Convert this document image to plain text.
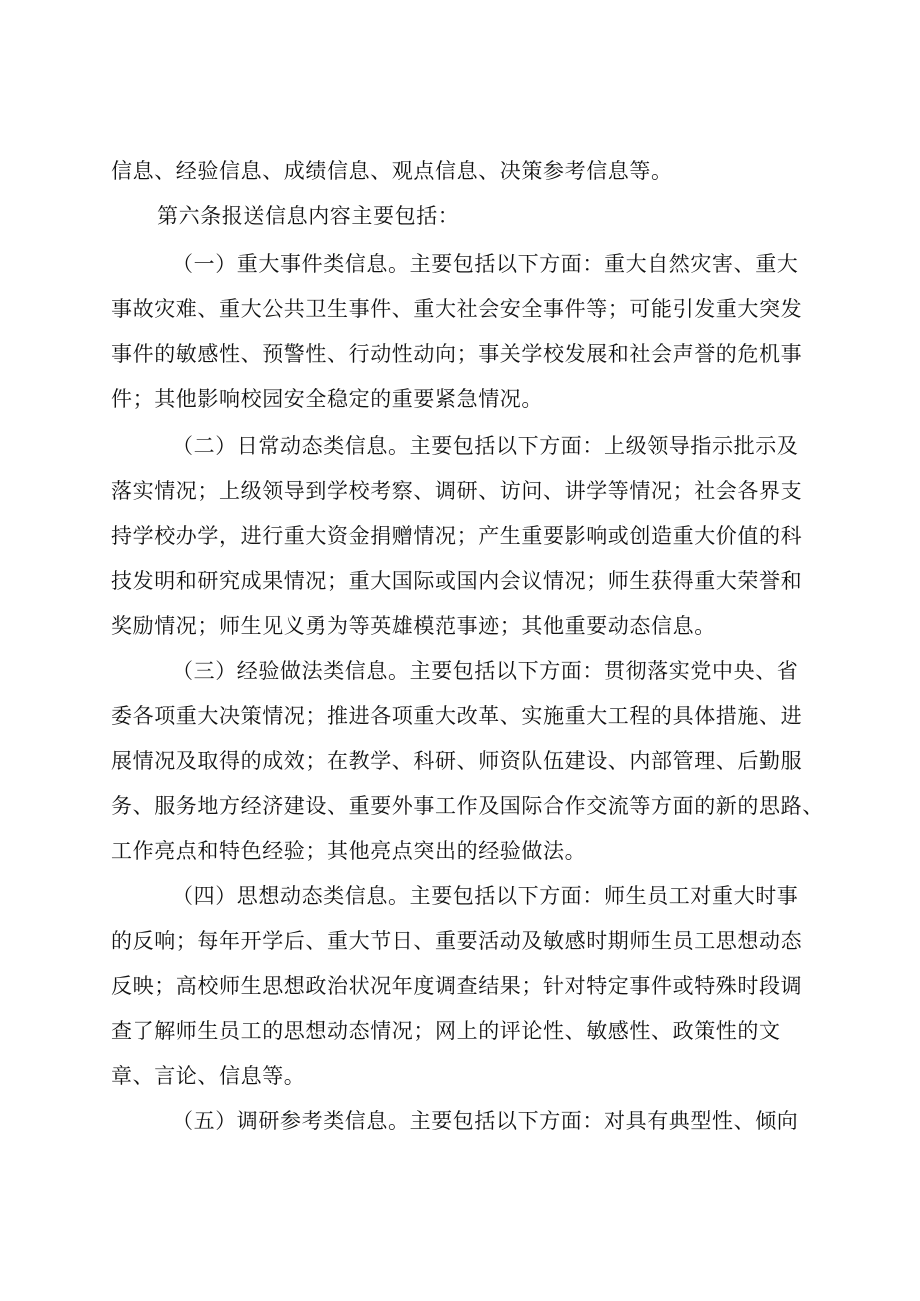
信息、经验信息、成绩信息、观点信息、决策参考信息等。
第六条报送信息内容主要包括：
（一）重大事件类信息。主要包括以下方面：重大自然灾害、重大
事故灾难、重大公共卫生事件、重大社会安全事件等；可能引发重大突发
事件的敏感性、预警性、行动性动向；事关学校发展和社会声誉的危机事
件；其他影响校园安全稳定的重要紧急情况。
（二）日常动态类信息。主要包括以下方面：上级领导指示批示及
落实情况；上级领导到学校考察、调研、访问、讲学等情况；社会各界支
持学校办学，进行重大资金捐赠情况；产生重要影响或创造重大价值的科
技发明和研究成果情况；重大国际或国内会议情况；师生获得重大荣誉和
奖励情况；师生见义勇为等英雄模范事迹；其他重要动态信息。
（三）经验做法类信息。主要包括以下方面：贯彻落实党中央、省
委各项重大决策情况；推进各项重大改革、实施重大工程的具体措施、进
展情况及取得的成效；在教学、科研、师资队伍建设、内部管理、后勤服
务、服务地方经济建设、重要外事工作及国际合作交流等方面的新的思路、
工作亮点和特色经验；其他亮点突出的经验做法。
（四）思想动态类信息。主要包括以下方面：师生员工对重大时事
的反响；每年开学后、重大节日、重要活动及敏感时期师生员工思想动态
反映；高校师生思想政治状况年度调查结果；针对特定事件或特殊时段调
查了解师生员工的思想动态情况；网上的评论性、敏感性、政策性的文
章、言论、信息等。
（五）调研参考类信息。主要包括以下方面：对具有典型性、倾向
